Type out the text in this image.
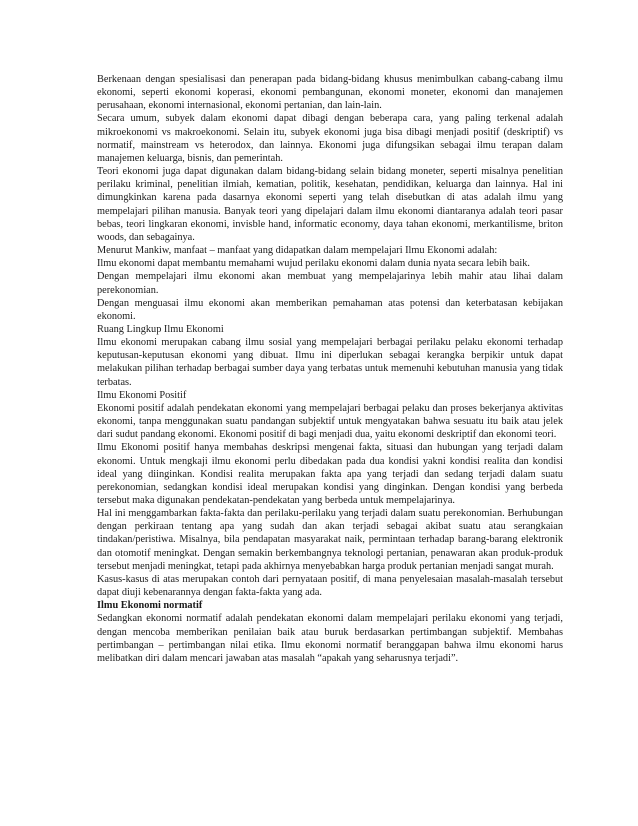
Berkenaan dengan spesialisasi dan penerapan pada bidang-bidang khusus menimbulkan cabang-cabang ilmu ekonomi, seperti ekonomi koperasi, ekonomi pembangunan, ekonomi moneter, ekonomi dan manajemen perusahaan, ekonomi internasional, ekonomi pertanian, dan lain-lain.

Secara umum, subyek dalam ekonomi dapat dibagi dengan beberapa cara, yang paling terkenal adalah mikroekonomi vs makroekonomi. Selain itu, subyek ekonomi juga bisa dibagi menjadi positif (deskriptif) vs normatif, mainstream vs heterodox, dan lainnya. Ekonomi juga difungsikan sebagai ilmu terapan dalam manajemen keluarga, bisnis, dan pemerintah.

Teori ekonomi juga dapat digunakan dalam bidang-bidang selain bidang moneter, seperti misalnya penelitian perilaku kriminal, penelitian ilmiah, kematian, politik, kesehatan, pendidikan, keluarga dan lainnya. Hal ini dimungkinkan karena pada dasarnya ekonomi seperti yang telah disebutkan di atas adalah ilmu yang mempelajari pilihan manusia. Banyak teori yang dipelajari dalam ilmu ekonomi diantaranya adalah teori pasar bebas, teori lingkaran ekonomi, invisble hand, informatic economy, daya tahan ekonomi, merkantilisme, briton woods, dan sebagainya.

Menurut Mankiw, manfaat – manfaat yang didapatkan dalam mempelajari Ilmu Ekonomi adalah:

Ilmu ekonomi dapat membantu memahami wujud perilaku ekonomi dalam dunia nyata secara lebih baik.

Dengan mempelajari ilmu ekonomi akan membuat yang mempelajarinya lebih mahir atau lihai dalam perekonomian.

Dengan menguasai ilmu ekonomi akan memberikan pemahaman atas potensi dan keterbatasan kebijakan ekonomi.

Ruang Lingkup Ilmu Ekonomi

Ilmu ekonomi merupakan cabang ilmu sosial yang mempelajari berbagai perilaku pelaku ekonomi terhadap keputusan-keputusan ekonomi yang dibuat. Ilmu ini diperlukan sebagai kerangka berpikir untuk dapat melakukan pilihan terhadap berbagai sumber daya yang terbatas untuk memenuhi kebutuhan manusia yang tidak terbatas.

Ilmu Ekonomi Positif

Ekonomi positif adalah pendekatan ekonomi yang mempelajari berbagai pelaku dan proses bekerjanya aktivitas ekonomi, tanpa menggunakan suatu pandangan subjektif untuk mengyatakan bahwa sesuatu itu baik atau jelek dari sudut pandang ekonomi. Ekonomi positif di bagi menjadi dua, yaitu ekonomi deskriptif dan ekonomi teori.

Ilmu Ekonomi positif hanya membahas deskripsi mengenai fakta, situasi dan hubungan yang terjadi dalam ekonomi. Untuk mengkaji ilmu ekonomi perlu dibedakan pada dua kondisi yakni kondisi realita dan kondisi ideal yang diinginkan. Kondisi realita merupakan fakta apa yang terjadi dan sedang terjadi dalam suatu perekonomian, sedangkan kondisi ideal merupakan kondisi yang dinginkan. Dengan kondisi yang berbeda tersebut maka digunakan pendekatan-pendekatan yang berbeda untuk mempelajarinya.

Hal ini menggambarkan fakta-fakta dan perilaku-perilaku yang terjadi dalam suatu perekonomian. Berhubungan dengan perkiraan tentang apa yang sudah dan akan terjadi sebagai akibat suatu atau serangkaian tindakan/peristiwa. Misalnya, bila pendapatan masyarakat naik, permintaan terhadap barang-barang elektronik dan otomotif meningkat. Dengan semakin berkembangnya teknologi pertanian, penawaran akan produk-produk tersebut menjadi meningkat, tetapi pada akhirnya menyebabkan harga produk pertanian menjadi sangat murah.

Kasus-kasus di atas merupakan contoh dari pernyataan positif, di mana penyelesaian masalah-masalah tersebut dapat diuji kebenarannya dengan fakta-fakta yang ada.

Ilmu Ekonomi normatif

Sedangkan ekonomi normatif adalah pendekatan ekonomi dalam mempelajari perilaku ekonomi yang terjadi, dengan mencoba memberikan penilaian baik atau buruk berdasarkan pertimbangan subjektif. Membahas pertimbangan – pertimbangan nilai etika. Ilmu ekonomi normatif beranggapan bahwa ilmu ekonomi harus melibatkan diri dalam mencari jawaban atas masalah “apakah yang seharusnya terjadi”.
